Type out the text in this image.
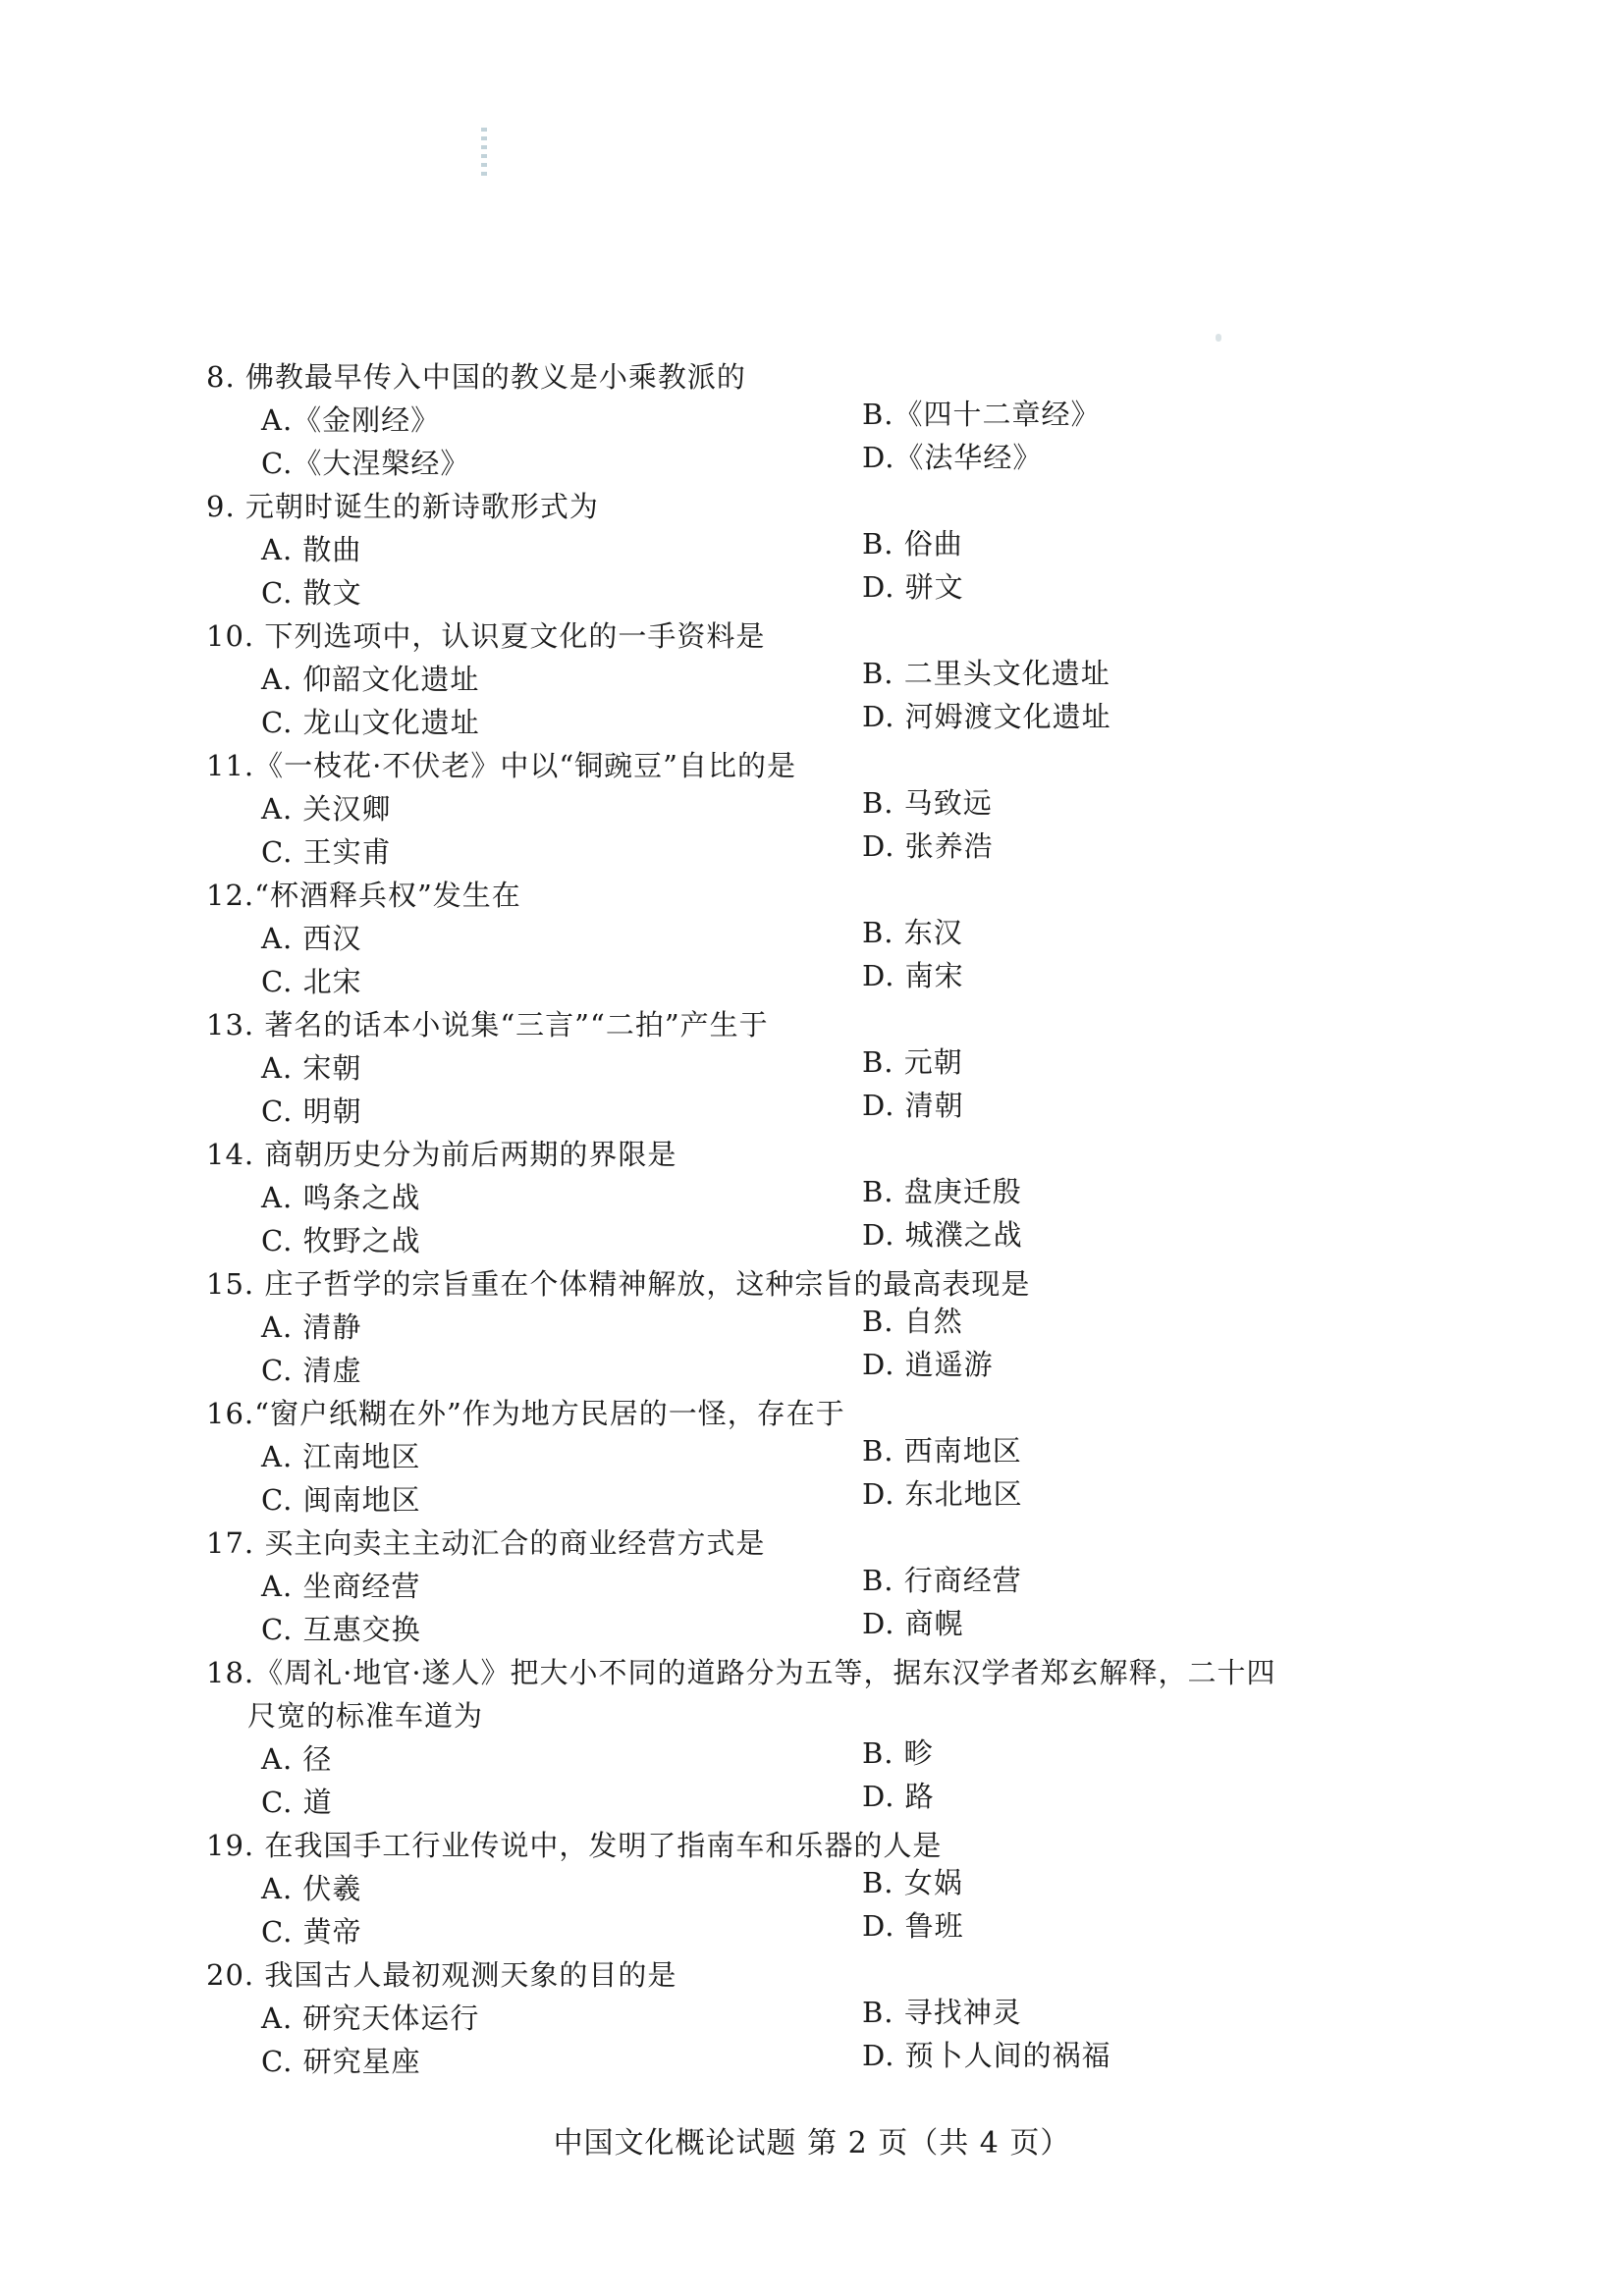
8. 佛教最早传入中国的教义是小乘教派的
A.《金刚经》	B.《四十二章经》
C.《大涅槃经》	D.《法华经》
9. 元朝时诞生的新诗歌形式为
A. 散曲	B. 俗曲
C. 散文	D. 骈文
10. 下列选项中，认识夏文化的一手资料是
A. 仰韶文化遗址	B. 二里头文化遗址
C. 龙山文化遗址	D. 河姆渡文化遗址
11.《一枝花·不伏老》中以“铜豌豆”自比的是
A. 关汉卿	B. 马致远
C. 王实甫	D. 张养浩
12.“杯酒释兵权”发生在
A. 西汉	B. 东汉
C. 北宋	D. 南宋
13. 著名的话本小说集“三言”“二拍”产生于
A. 宋朝	B. 元朝
C. 明朝	D. 清朝
14. 商朝历史分为前后两期的界限是
A. 鸣条之战	B. 盘庚迁殷
C. 牧野之战	D. 城濮之战
15. 庄子哲学的宗旨重在个体精神解放，这种宗旨的最高表现是
A. 清静	B. 自然
C. 清虚	D. 逍遥游
16.“窗户纸糊在外”作为地方民居的一怪，存在于
A. 江南地区	B. 西南地区
C. 闽南地区	D. 东北地区
17. 买主向卖主主动汇合的商业经营方式是
A. 坐商经营	B. 行商经营
C. 互惠交换	D. 商幌
18.《周礼·地官·遂人》把大小不同的道路分为五等，据东汉学者郑玄解释，二十四
尺宽的标准车道为
A. 径	B. 畛
C. 道	D. 路
19. 在我国手工行业传说中，发明了指南车和乐器的人是
A. 伏羲	B. 女娲
C. 黄帝	D. 鲁班
20. 我国古人最初观测天象的目的是
A. 研究天体运行	B. 寻找神灵
C. 研究星座	D. 预卜人间的祸福
中国文化概论试题 第 2 页（共 4 页）
